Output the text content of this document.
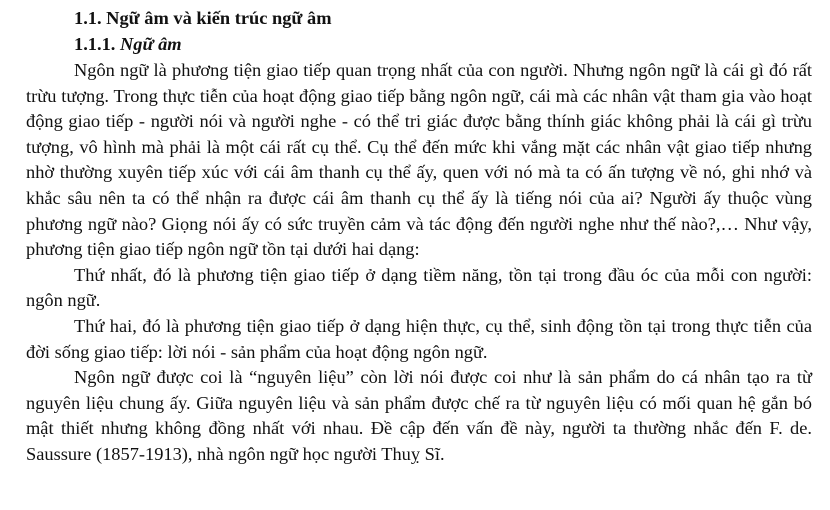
1.1. Ngữ âm và kiến trúc ngữ âm
1.1.1. Ngữ âm

Ngôn ngữ là phương tiện giao tiếp quan trọng nhất của con người. Nhưng ngôn ngữ là cái gì đó rất trừu tượng. Trong thực tiễn của hoạt động giao tiếp bằng ngôn ngữ, cái mà các nhân vật tham gia vào hoạt động giao tiếp - người nói và người nghe - có thể tri giác được bằng thính giác không phải là cái gì trừu tượng, vô hình mà phải là một cái rất cụ thể. Cụ thể đến mức khi vắng mặt các nhân vật giao tiếp nhưng nhờ thường xuyên tiếp xúc với cái âm thanh cụ thể ấy, quen với nó mà ta có ấn tượng về nó, ghi nhớ và khắc sâu nên ta có thể nhận ra được cái âm thanh cụ thể ấy là tiếng nói của ai? Người ấy thuộc vùng phương ngữ nào? Giọng nói ấy có sức truyền cảm và tác động đến người nghe như thế nào?,… Như vậy, phương tiện giao tiếp ngôn ngữ tồn tại dưới hai dạng:

Thứ nhất, đó là phương tiện giao tiếp ở dạng tiềm năng, tồn tại trong đầu óc của mỗi con người: ngôn ngữ.

Thứ hai, đó là phương tiện giao tiếp ở dạng hiện thực, cụ thể, sinh động tồn tại trong thực tiễn của đời sống giao tiếp: lời nói - sản phẩm của hoạt động ngôn ngữ.

Ngôn ngữ được coi là “nguyên liệu” còn lời nói được coi như là sản phẩm do cá nhân tạo ra từ nguyên liệu chung ấy. Giữa nguyên liệu và sản phẩm được chế ra từ nguyên liệu có mối quan hệ gắn bó mật thiết nhưng không đồng nhất với nhau. Đề cập đến vấn đề này, người ta thường nhắc đến F. de. Saussure (1857-1913), nhà ngôn ngữ học người Thuỵ Sĩ.
